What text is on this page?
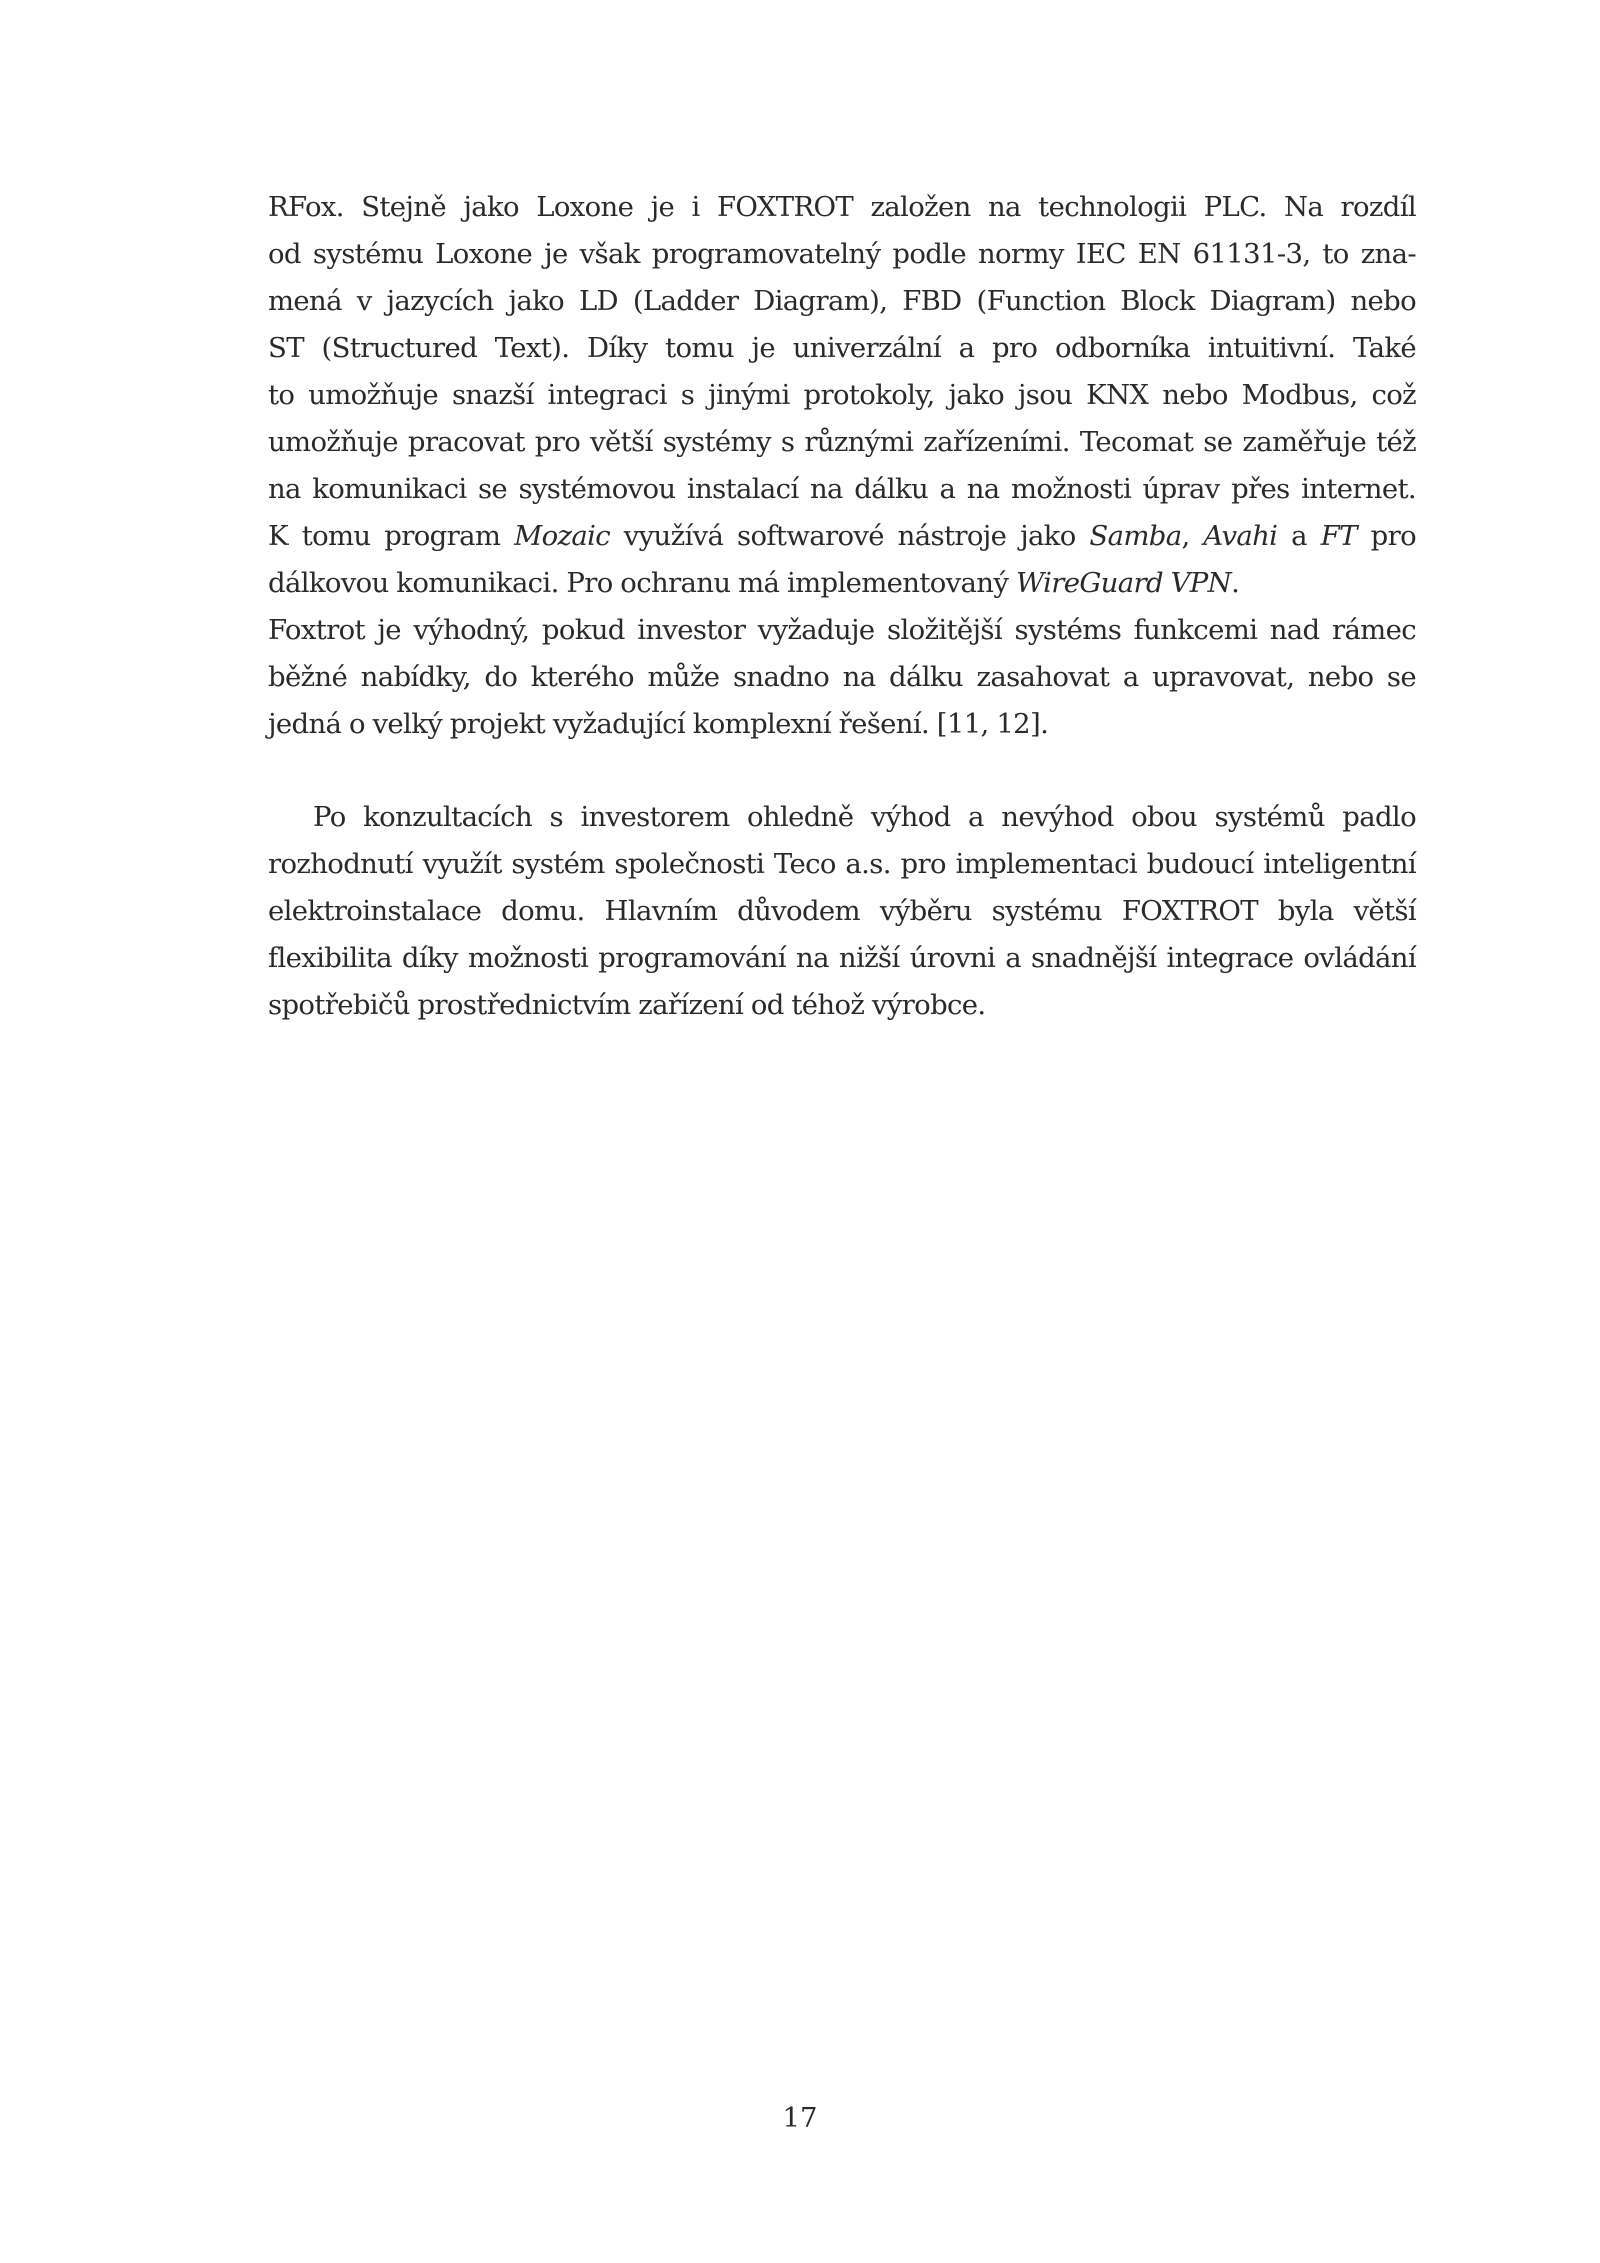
RFox. Stejně jako Loxone je i FOXTROT založen na technologii PLC. Na rozdíl
od systému Loxone je však programovatelný podle normy IEC EN 61131-3, to zna-
mená v jazycích jako LD (Ladder Diagram), FBD (Function Block Diagram) nebo
ST (Structured Text). Díky tomu je univerzální a pro odborníka intuitivní. Také
to umožňuje snazší integraci s jinými protokoly, jako jsou KNX nebo Modbus, což
umožňuje pracovat pro větší systémy s různými zařízeními. Tecomat se zaměřuje též
na komunikaci se systémovou instalací na dálku a na možnosti úprav přes internet.
K tomu program Mozaic využívá softwarové nástroje jako Samba, Avahi a FT pro
dálkovou komunikaci. Pro ochranu má implementovaný WireGuard VPN.
Foxtrot je výhodný, pokud investor vyžaduje složitější systéms funkcemi nad rámec
běžné nabídky, do kterého může snadno na dálku zasahovat a upravovat, nebo se
jedná o velký projekt vyžadující komplexní řešení. [11, 12].
Po konzultacích s investorem ohledně výhod a nevýhod obou systémů padlo
rozhodnutí využít systém společnosti Teco a.s. pro implementaci budoucí inteligentní
elektroinstalace domu. Hlavním důvodem výběru systému FOXTROT byla větší
flexibilita díky možnosti programování na nižší úrovni a snadnější integrace ovládání
spotřebičů prostřednictvím zařízení od téhož výrobce.
17
